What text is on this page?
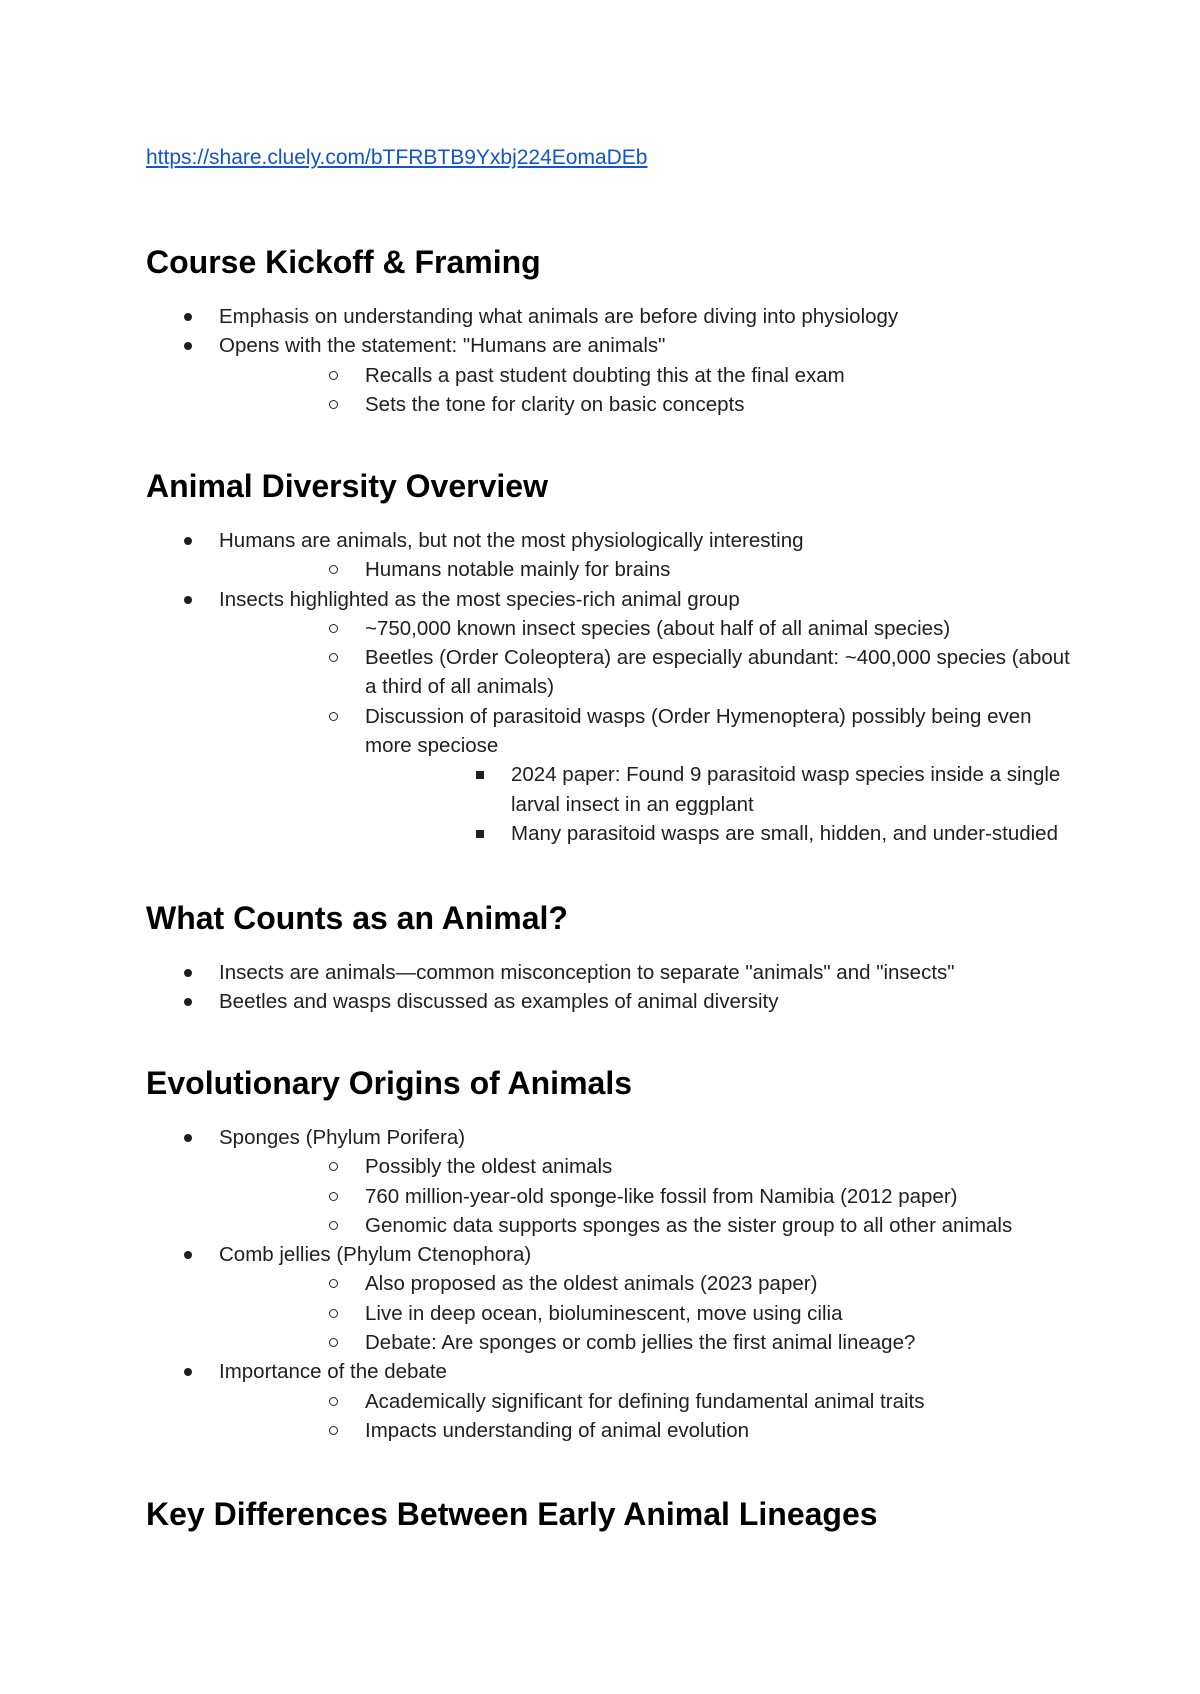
https://share.cluely.com/bTFRBTB9Yxbj224EomaDEb
Course Kickoff & Framing
Emphasis on understanding what animals are before diving into physiology
Opens with the statement: "Humans are animals"
Recalls a past student doubting this at the final exam
Sets the tone for clarity on basic concepts
Animal Diversity Overview
Humans are animals, but not the most physiologically interesting
Humans notable mainly for brains
Insects highlighted as the most species-rich animal group
~750,000 known insect species (about half of all animal species)
Beetles (Order Coleoptera) are especially abundant: ~400,000 species (about a third of all animals)
Discussion of parasitoid wasps (Order Hymenoptera) possibly being even more speciose
2024 paper: Found 9 parasitoid wasp species inside a single larval insect in an eggplant
Many parasitoid wasps are small, hidden, and under-studied
What Counts as an Animal?
Insects are animals—common misconception to separate "animals" and "insects"
Beetles and wasps discussed as examples of animal diversity
Evolutionary Origins of Animals
Sponges (Phylum Porifera)
Possibly the oldest animals
760 million-year-old sponge-like fossil from Namibia (2012 paper)
Genomic data supports sponges as the sister group to all other animals
Comb jellies (Phylum Ctenophora)
Also proposed as the oldest animals (2023 paper)
Live in deep ocean, bioluminescent, move using cilia
Debate: Are sponges or comb jellies the first animal lineage?
Importance of the debate
Academically significant for defining fundamental animal traits
Impacts understanding of animal evolution
Key Differences Between Early Animal Lineages
